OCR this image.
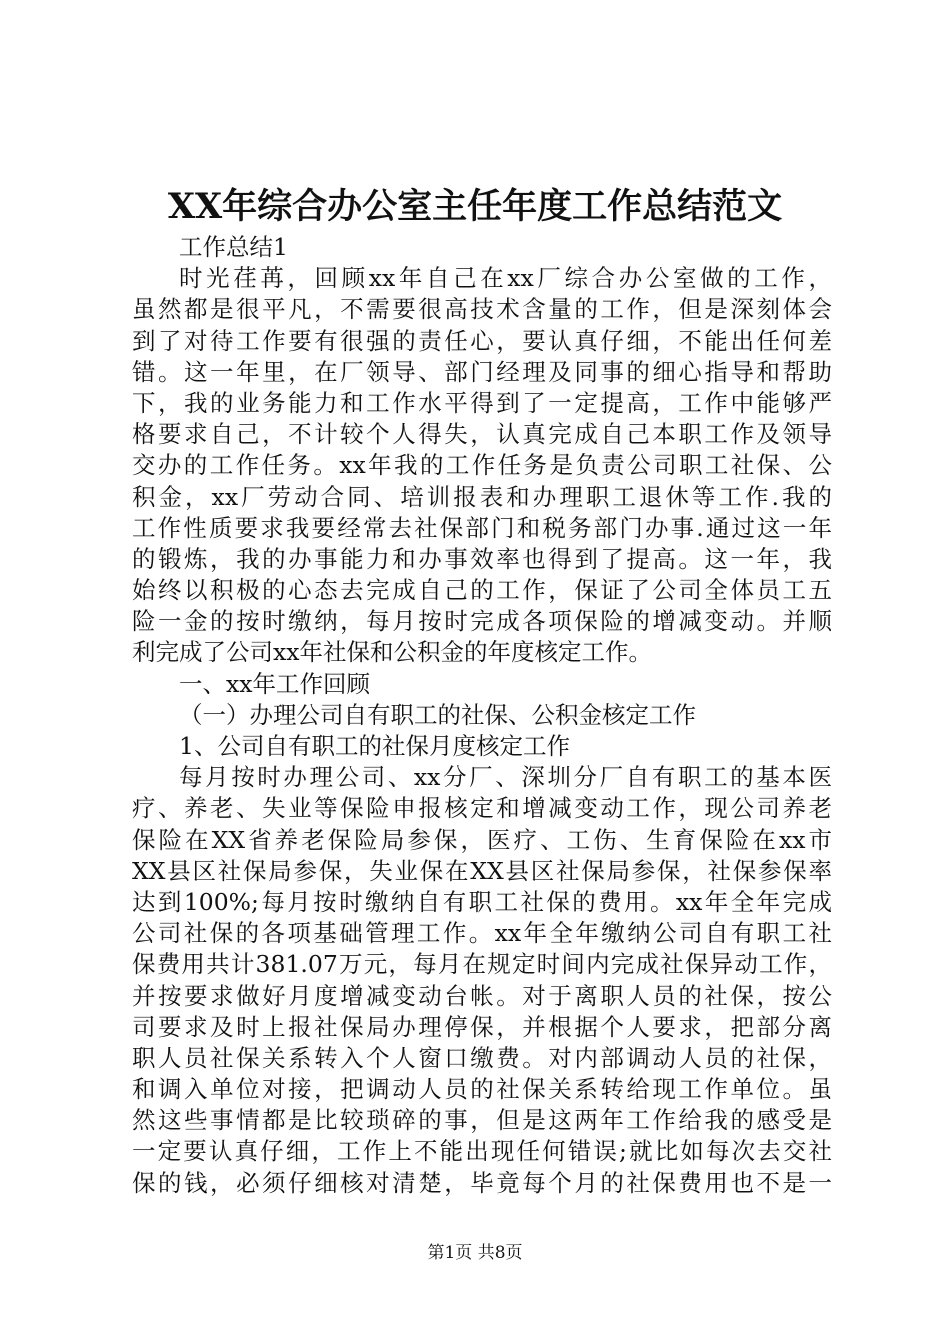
XX年综合办公室主任年度工作总结范文
工作总结1
时光荏苒，回顾xx年自己在xx厂综合办公室做的工作，
虽然都是很平凡，不需要很高技术含量的工作，但是深刻体会
到了对待工作要有很强的责任心，要认真仔细，不能出任何差
错。这一年里，在厂领导、部门经理及同事的细心指导和帮助
下，我的业务能力和工作水平得到了一定提高，工作中能够严
格要求自己，不计较个人得失，认真完成自己本职工作及领导
交办的工作任务。xx年我的工作任务是负责公司职工社保、公
积金，xx厂劳动合同、培训报表和办理职工退休等工作.我的
工作性质要求我要经常去社保部门和税务部门办事.通过这一年
的锻炼，我的办事能力和办事效率也得到了提高。这一年，我
始终以积极的心态去完成自己的工作，保证了公司全体员工五
险一金的按时缴纳，每月按时完成各项保险的增减变动。并顺
利完成了公司xx年社保和公积金的年度核定工作。
一、xx年工作回顾
（一）办理公司自有职工的社保、公积金核定工作
1、公司自有职工的社保月度核定工作
每月按时办理公司、xx分厂、深圳分厂自有职工的基本医
疗、养老、失业等保险申报核定和增减变动工作，现公司养老
保险在XX省养老保险局参保，医疗、工伤、生育保险在xx市
XX县区社保局参保，失业保在XX县区社保局参保，社保参保率
达到100%;每月按时缴纳自有职工社保的费用。xx年全年完成
公司社保的各项基础管理工作。xx年全年缴纳公司自有职工社
保费用共计381.07万元，每月在规定时间内完成社保异动工作，
并按要求做好月度增减变动台帐。对于离职人员的社保，按公
司要求及时上报社保局办理停保，并根据个人要求，把部分离
职人员社保关系转入个人窗口缴费。对内部调动人员的社保，
和调入单位对接，把调动人员的社保关系转给现工作单位。虽
然这些事情都是比较琐碎的事，但是这两年工作给我的感受是
一定要认真仔细，工作上不能出现任何错误;就比如每次去交社
保的钱，必须仔细核对清楚，毕竟每个月的社保费用也不是一
第1页 共8页
